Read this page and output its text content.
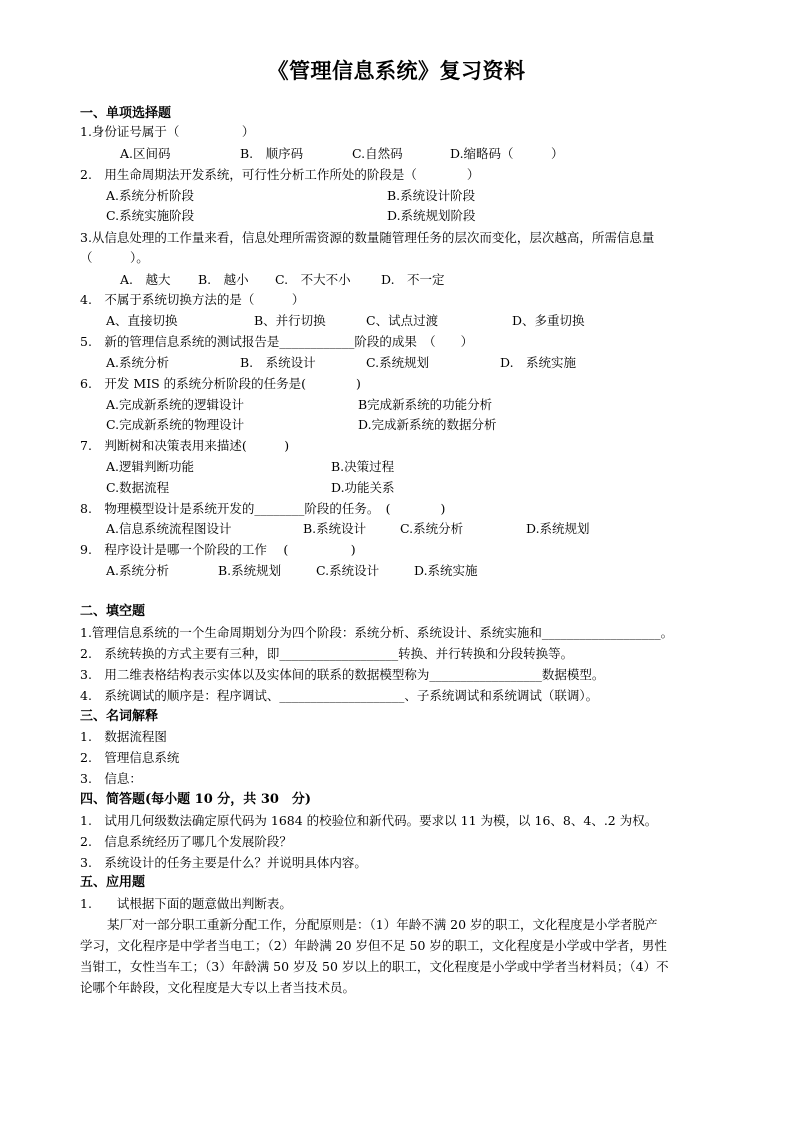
《管理信息系统》复习资料
一、单项选择题
1.身份证号属于（　　　　　）
A.区间码	B.　顺序码	C.自然码	D.缩略码（　　　）
2.　用生命周期法开发系统，可行性分析工作所处的阶段是（　　　　）
A.系统分析阶段	B.系统设计阶段
C.系统实施阶段	D.系统规划阶段
3.从信息处理的工作量来看，信息处理所需资源的数量随管理任务的层次而变化，层次越高，所需信息量
（　　　）。
A.　越大 B.　越小 C.　不大不小 D.　不一定
4.　不属于系统切换方法的是（　　　）
A、直接切换	B、并行切换	C、试点过渡	D、多重切换
5.　新的管理信息系统的测试报告是____________阶段的成果　（　　）
A.系统分析	B.　系统设计	C.系统规划	D.　系统实施
6.　开发 MIS 的系统分析阶段的任务是(　　　　)
A.完成新系统的逻辑设计	B完成新系统的功能分析
C.完成新系统的物理设计	D.完成新系统的数据分析
7.　判断树和决策表用来描述(　　　)
A.逻辑判断功能	B.决策过程
C.数据流程	D.功能关系
8.　物理模型设计是系统开发的________阶段的任务。　(　　　　)
A.信息系统流程图设计	B.系统设计	C.系统分析	D.系统规划
9.　程序设计是哪一个阶段的工作　 (　　　　　)
A.系统分析	B.系统规划	C.系统设计	D.系统实施
二、填空题
1.管理信息系统的一个生命周期划分为四个阶段：系统分析、系统设计、系统实施和___________________。
2.　系统转换的方式主要有三种，即___________________转换、并行转换和分段转换等。
3.　用二维表格结构表示实体以及实体间的联系的数据模型称为__________________数据模型。
4.　系统调试的顺序是：程序调试、____________________、子系统调试和系统调试（联调）。
三、名词解释
1.　数据流程图
2.　管理信息系统
3.　信息：
四、简答题(每小题 10 分，共 30　分)
1.　试用几何级数法确定原代码为 1684 的校验位和新代码。要求以 11 为模，以 16、8、4、.2 为权。
2.　信息系统经历了哪几个发展阶段？
3.　系统设计的任务主要是什么？并说明具体内容。
五、应用题
1.　　试根据下面的题意做出判断表。
某厂对一部分职工重新分配工作，分配原则是：（1）年龄不满 20 岁的职工，文化程度是小学者脱产
学习，文化程序是中学者当电工；（2）年龄满 20 岁但不足 50 岁的职工，文化程度是小学或中学者，男性
当钳工，女性当车工；（3）年龄满 50 岁及 50 岁以上的职工，文化程度是小学或中学者当材料员；（4）不
论哪个年龄段，文化程度是大专以上者当技术员。
